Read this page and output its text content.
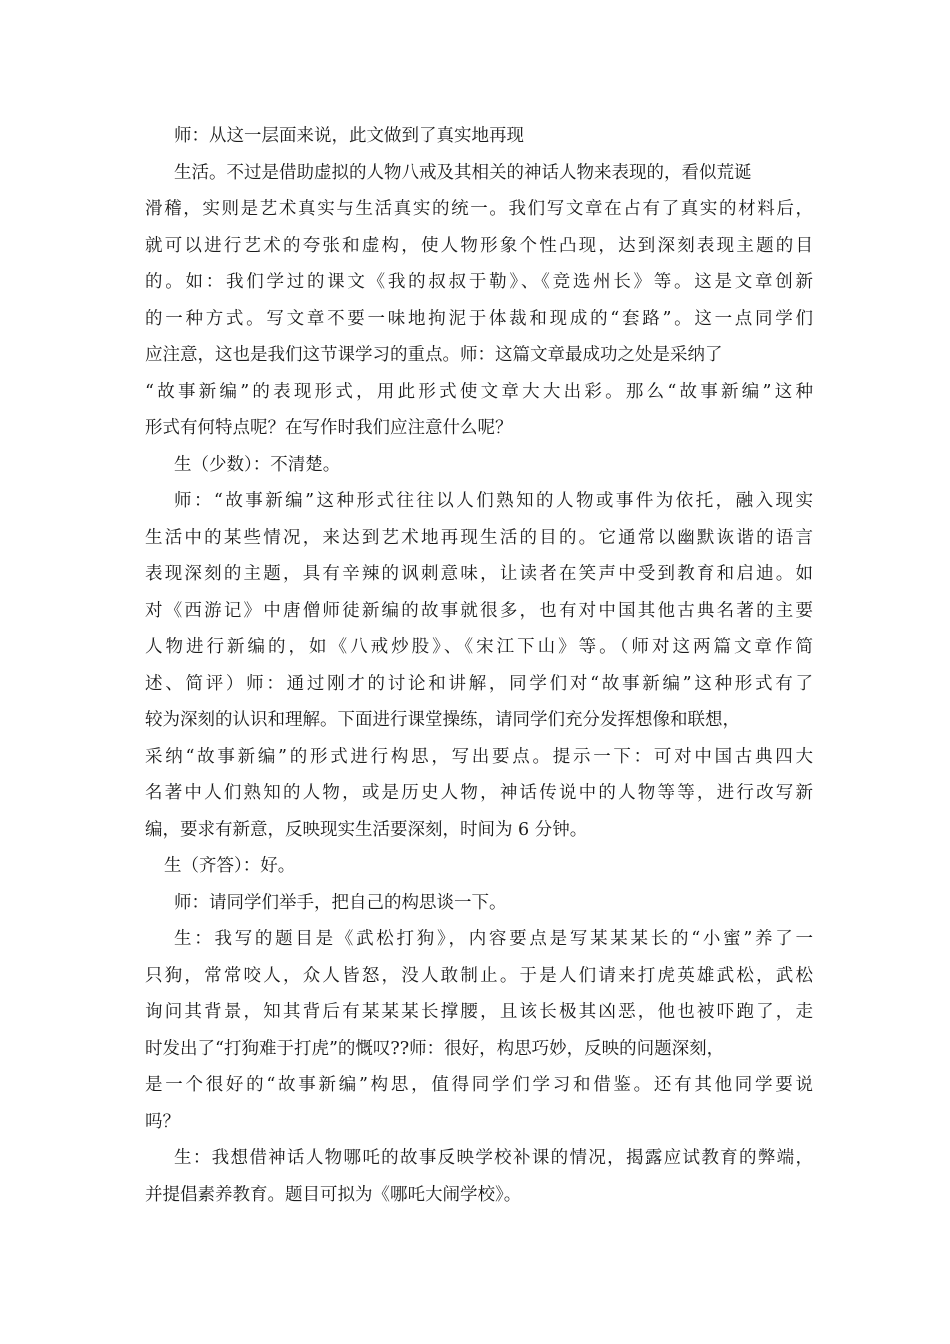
师：从这一层面来说，此文做到了真实地再现
生活。不过是借助虚拟的人物八戒及其相关的神话人物来表现的，看似荒诞
滑稽，实则是艺术真实与生活真实的统一。我们写文章在占有了真实的材料后，
就可以进行艺术的夸张和虚构，使人物形象个性凸现，达到深刻表现主题的目
的。如：我们学过的课文《我的叔叔于勒》、《竞选州长》等。这是文章创新
的一种方式。写文章不要一味地拘泥于体裁和现成的“套路”。这一点同学们
应注意，这也是我们这节课学习的重点。师：这篇文章最成功之处是采纳了
“故事新编”的表现形式，用此形式使文章大大出彩。那么“故事新编”这种
形式有何特点呢？在写作时我们应注意什么呢？
生（少数）：不清楚。
师：“故事新编”这种形式往往以人们熟知的人物或事件为依托，融入现实
生活中的某些情况，来达到艺术地再现生活的目的。它通常以幽默诙谐的语言
表现深刻的主题，具有辛辣的讽刺意味，让读者在笑声中受到教育和启迪。如
对《西游记》中唐僧师徒新编的故事就很多，也有对中国其他古典名著的主要
人物进行新编的，如《八戒炒股》、《宋江下山》等。（师对这两篇文章作简
述、简评）师：通过刚才的讨论和讲解，同学们对“故事新编”这种形式有了
较为深刻的认识和理解。下面进行课堂操练，请同学们充分发挥想像和联想，
采纳“故事新编”的形式进行构思，写出要点。提示一下：可对中国古典四大
名著中人们熟知的人物，或是历史人物，神话传说中的人物等等，进行改写新
编，要求有新意，反映现实生活要深刻，时间为 6 分钟。
生（齐答）：好。
师：请同学们举手，把自己的构思谈一下。
生：我写的题目是《武松打狗》，内容要点是写某某某长的“小蜜”养了一
只狗，常常咬人，众人皆怒，没人敢制止。于是人们请来打虎英雄武松，武松
询问其背景，知其背后有某某某长撑腰，且该长极其凶恶，他也被吓跑了，走
时发出了“打狗难于打虎”的慨叹??师：很好，构思巧妙，反映的问题深刻，
是一个很好的“故事新编”构思，值得同学们学习和借鉴。还有其他同学要说
吗？
生：我想借神话人物哪吒的故事反映学校补课的情况，揭露应试教育的弊端，
并提倡素养教育。题目可拟为《哪吒大闹学校》。
